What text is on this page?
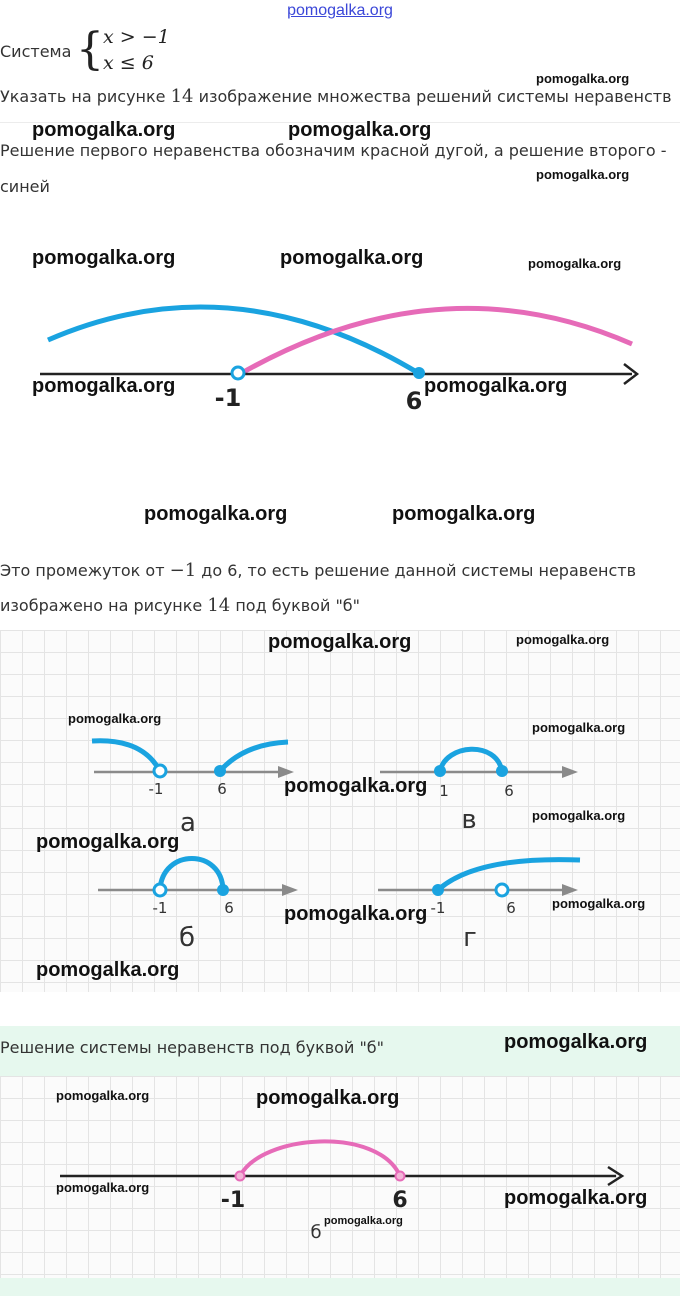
pomogalka.org
Система { x > −1
x ≤ 6
Указать на рисунке 14 изображение множества решений системы неравенств
Решение первого неравенства обозначим красной дугой, а решение второго -
синей
-1	6
Это промежуток от −1 до 6, то есть решение данной системы неравенств
изображено на рисунке 14 под буквой "б"
-1	6
а
1	6
в
-1	6
б
-1	6
г
Решение системы неравенств под буквой "б"
-1	6
б
pomogalka.org
pomogalka.org	pomogalka.org
pomogalka.org
pomogalka.org	pomogalka.org	pomogalka.org
pomogalka.org	pomogalka.org
pomogalka.org	pomogalka.org
pomogalka.org	pomogalka.org
pomogalka.org
pomogalka.org
pomogalka.org
pomogalka.org
pomogalka.org
pomogalka.org
pomogalka.org
pomogalka.org
pomogalka.org
pomogalka.org	pomogalka.org
pomogalka.org	pomogalka.org
pomogalka.org
